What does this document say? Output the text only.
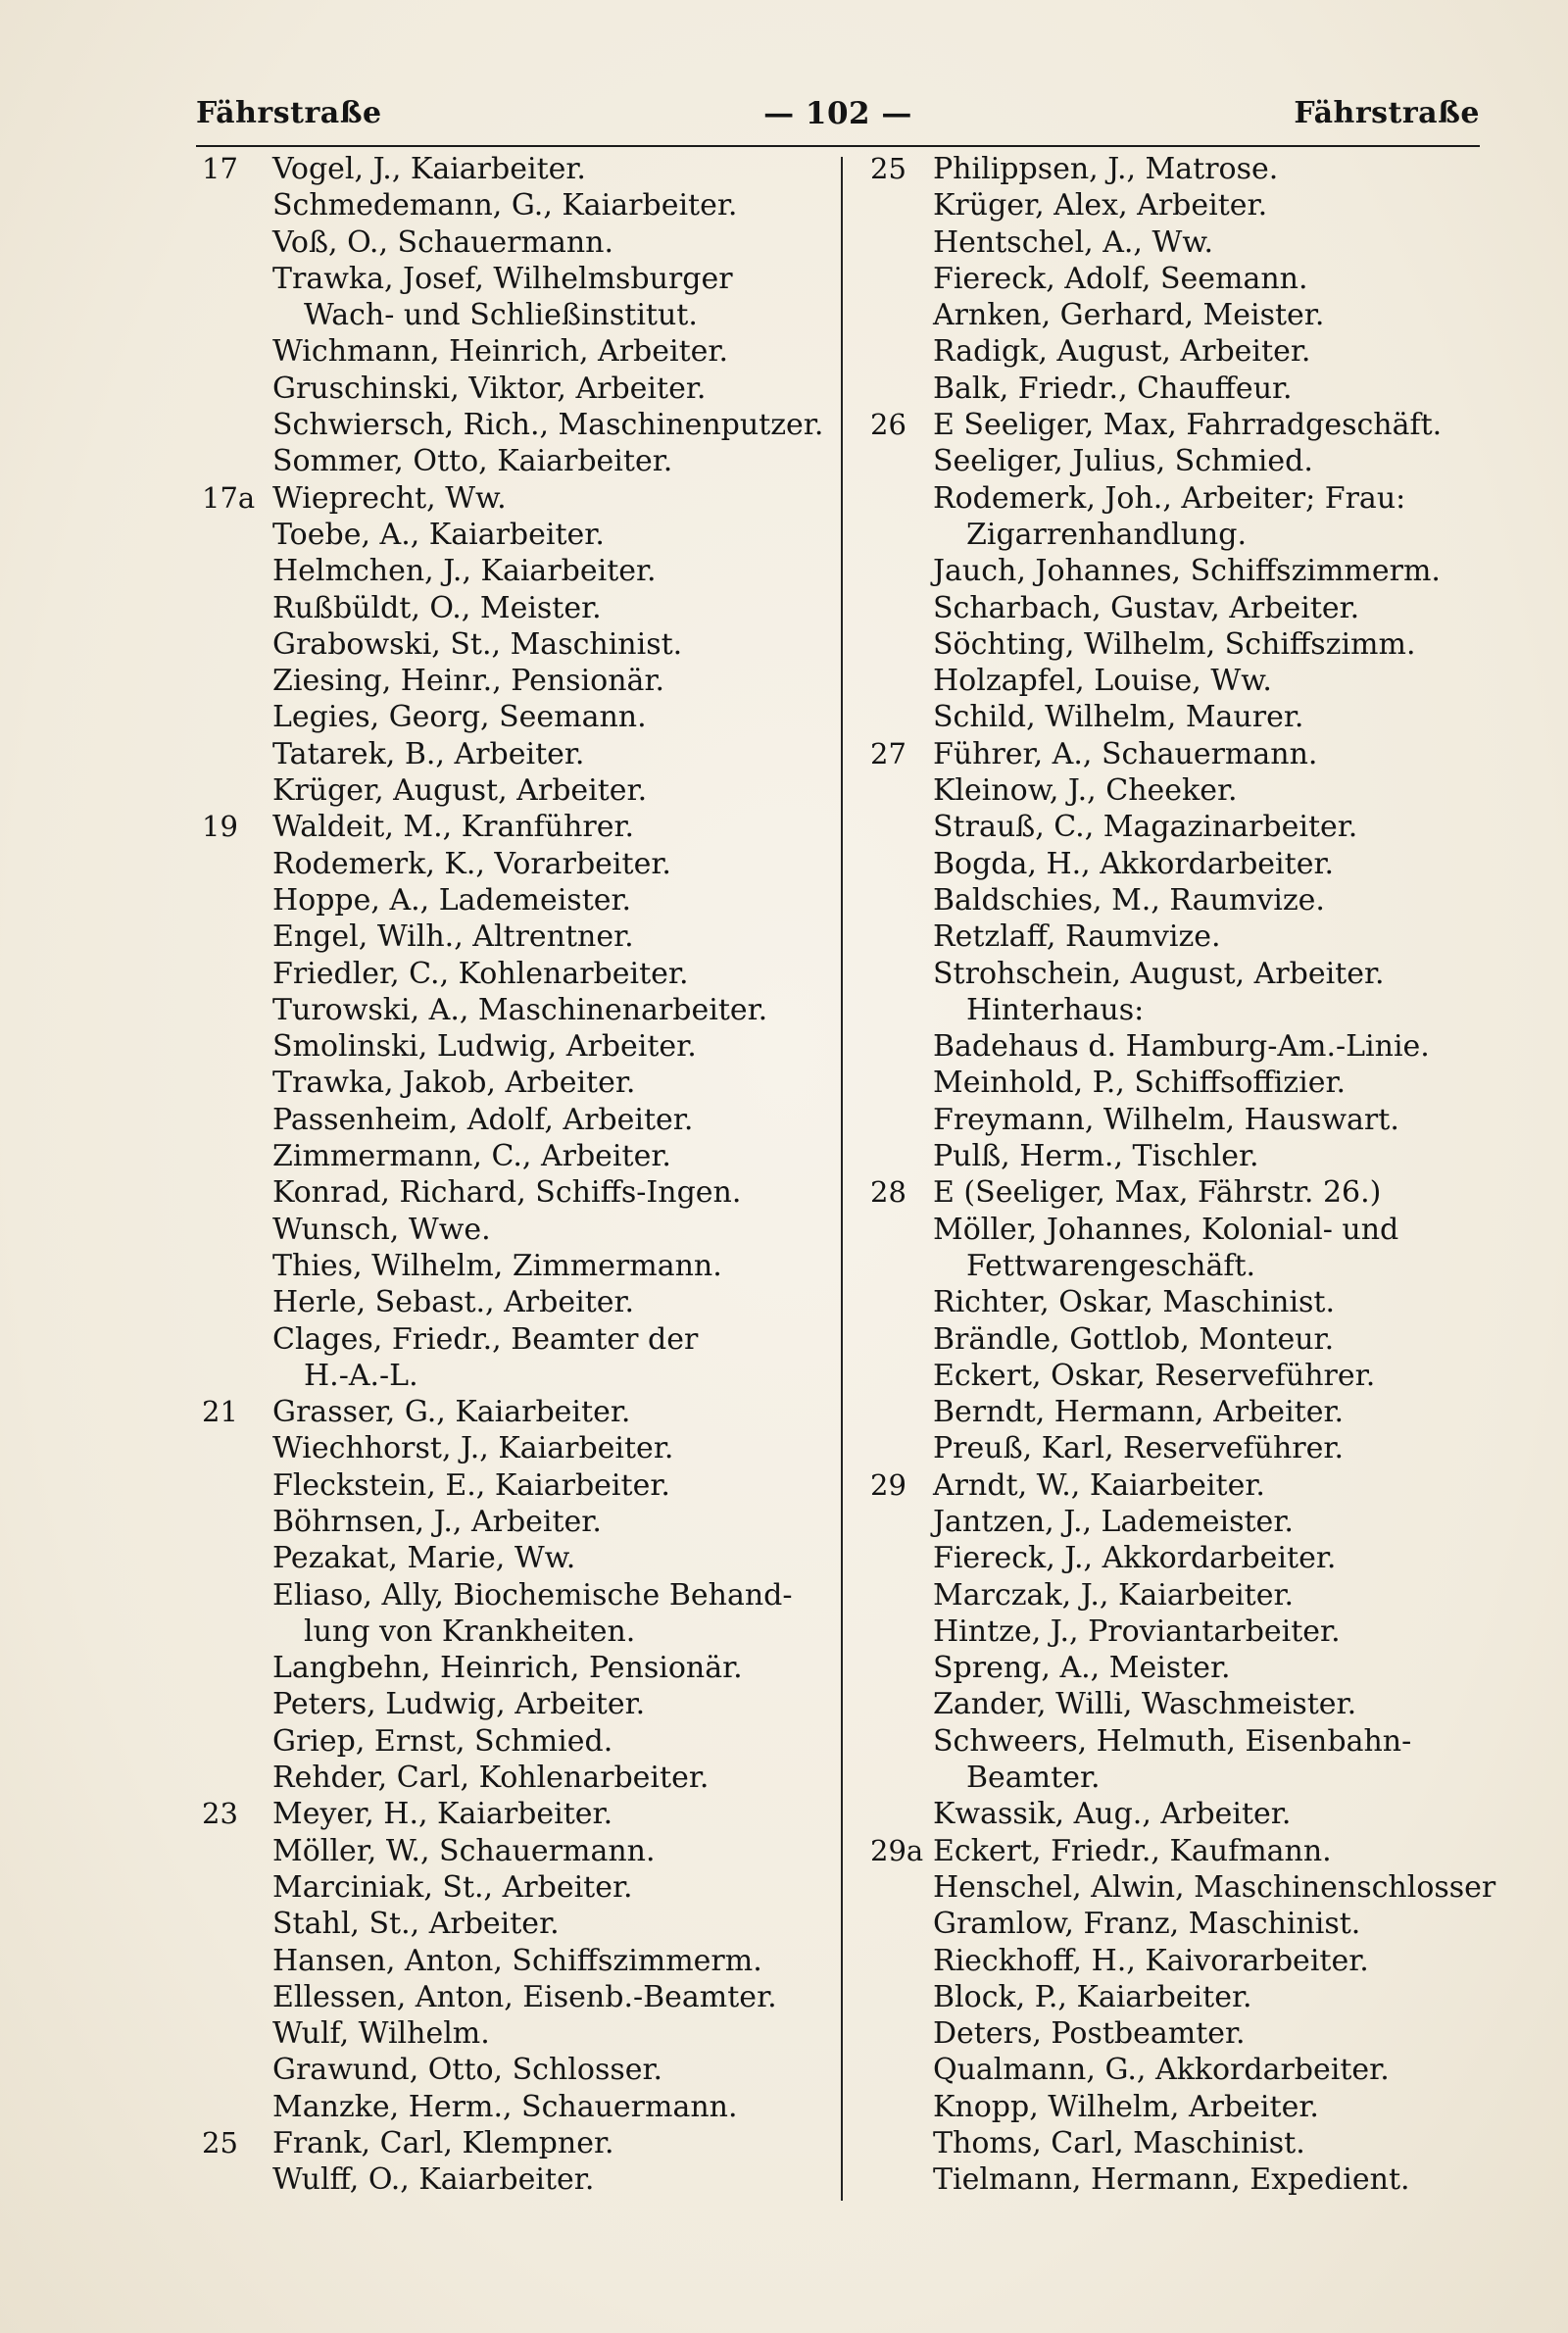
Fährstraße	— 102 —	Fährstraße
17	Vogel, J., Kaiarbeiter.
Schmedemann, G., Kaiarbeiter.
Voß, O., Schauermann.
Trawka, Josef, Wilhelmsburger
Wach- und Schließinstitut.
Wichmann, Heinrich, Arbeiter.
Gruschinski, Viktor, Arbeiter.
Schwiersch, Rich., Maschinenputzer.
Sommer, Otto, Kaiarbeiter.
17a Wieprecht, Ww.
Toebe, A., Kaiarbeiter.
Helmchen, J., Kaiarbeiter.
Rußbüldt, O., Meister.
Grabowski, St., Maschinist.
Ziesing, Heinr., Pensionär.
Legies, Georg, Seemann.
Tatarek, B., Arbeiter.
Krüger, August, Arbeiter.
19	Waldeit, M., Kranführer.
Rodemerk, K., Vorarbeiter.
Hoppe, A., Lademeister.
Engel, Wilh., Altrentner.
Friedler, C., Kohlenarbeiter.
Turowski, A., Maschinenarbeiter.
Smolinski, Ludwig, Arbeiter.
Trawka, Jakob, Arbeiter.
Passenheim, Adolf, Arbeiter.
Zimmermann, C., Arbeiter.
Konrad, Richard, Schiffs-Ingen.
Wunsch, Wwe.
Thies, Wilhelm, Zimmermann.
Herle, Sebast., Arbeiter.
Clages, Friedr., Beamter der
H.-A.-L.
21	Grasser, G., Kaiarbeiter.
Wiechhorst, J., Kaiarbeiter.
Fleckstein, E., Kaiarbeiter.
Böhrnsen, J., Arbeiter.
Pezakat, Marie, Ww.
Eliaso, Ally, Biochemische Behand-
lung von Krankheiten.
Langbehn, Heinrich, Pensionär.
Peters, Ludwig, Arbeiter.
Griep, Ernst, Schmied.
Rehder, Carl, Kohlenarbeiter.
23	Meyer, H., Kaiarbeiter.
Möller, W., Schauermann.
Marciniak, St., Arbeiter.
Stahl, St., Arbeiter.
Hansen, Anton, Schiffszimmerm.
Ellessen, Anton, Eisenb.-Beamter.
Wulf, Wilhelm.
Grawund, Otto, Schlosser.
Manzke, Herm., Schauermann.
25	Frank, Carl, Klempner.
Wulff, O., Kaiarbeiter.
25 Philippsen, J., Matrose.
Krüger, Alex, Arbeiter.
Hentschel, A., Ww.
Fiereck, Adolf, Seemann.
Arnken, Gerhard, Meister.
Radigk, August, Arbeiter.
Balk, Friedr., Chauffeur.
26 E Seeliger, Max, Fahrradgeschäft.
Seeliger, Julius, Schmied.
Rodemerk, Joh., Arbeiter; Frau:
Zigarrenhandlung.
Jauch, Johannes, Schiffszimmerm.
Scharbach, Gustav, Arbeiter.
Söchting, Wilhelm, Schiffszimm.
Holzapfel, Louise, Ww.
Schild, Wilhelm, Maurer.
27 Führer, A., Schauermann.
Kleinow, J., Cheeker.
Strauß, C., Magazinarbeiter.
Bogda, H., Akkordarbeiter.
Baldschies, M., Raumvize.
Retzlaff, Raumvize.
Strohschein, August, Arbeiter.
Hinterhaus:
Badehaus d. Hamburg-Am.-Linie.
Meinhold, P., Schiffsoffizier.
Freymann, Wilhelm, Hauswart.
Pulß, Herm., Tischler.
28 E (Seeliger, Max, Fährstr. 26.)
Möller, Johannes, Kolonial- und
Fettwarengeschäft.
Richter, Oskar, Maschinist.
Brändle, Gottlob, Monteur.
Eckert, Oskar, Reserveführer.
Berndt, Hermann, Arbeiter.
Preuß, Karl, Reserveführer.
29 Arndt, W., Kaiarbeiter.
Jantzen, J., Lademeister.
Fiereck, J., Akkordarbeiter.
Marczak, J., Kaiarbeiter.
Hintze, J., Proviantarbeiter.
Spreng, A., Meister.
Zander, Willi, Waschmeister.
Schweers, Helmuth, Eisenbahn-
Beamter.
Kwassik, Aug., Arbeiter.
29a Eckert, Friedr., Kaufmann.
Henschel, Alwin, Maschinenschlosser
Gramlow, Franz, Maschinist.
Rieckhoff, H., Kaivorarbeiter.
Block, P., Kaiarbeiter.
Deters, Postbeamter.
Qualmann, G., Akkordarbeiter.
Knopp, Wilhelm, Arbeiter.
Thoms, Carl, Maschinist.
Tielmann, Hermann, Expedient.
